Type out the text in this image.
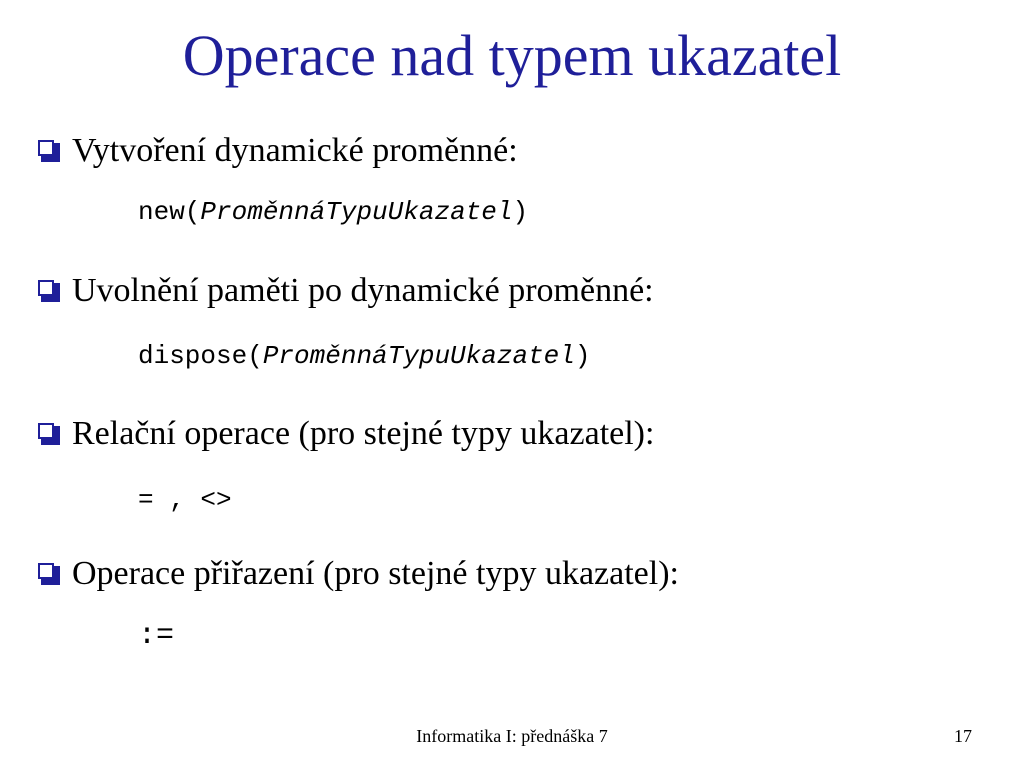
Operace nad typem ukazatel
Vytvoření dynamické proměnné:
new(ProměnnáTypuUkazatel)
Uvolnění paměti po dynamické proměnné:
dispose(ProměnnáTypuUkazatel)
Relační operace (pro stejné typy ukazatel):
= , <>
Operace přiřazení (pro stejné typy ukazatel):
:=
Informatika I: přednáška 7	17
